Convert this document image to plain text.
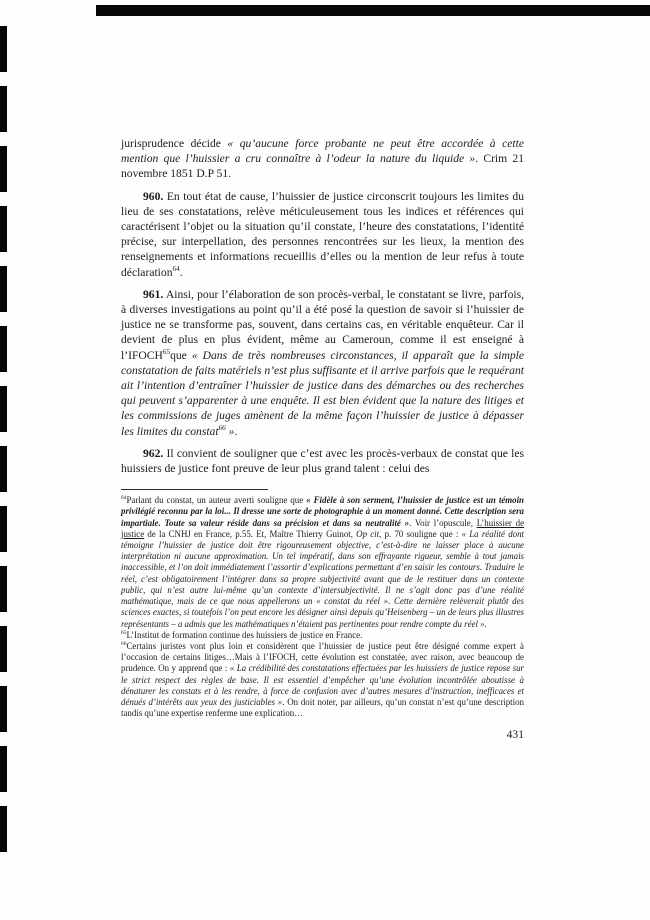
jurisprudence décide « qu’aucune force probante ne peut être accordée à cette mention que l’huissier a cru connaître à l’odeur la nature du liquide ». Crim 21 novembre 1851 D.P 51.

960. En tout état de cause, l’huissier de justice circonscrit toujours les limites du lieu de ses constatations, relève méticuleusement tous les indices et références qui caractérisent l’objet ou la situation qu’il constate, l’heure des constatations, l’identité précise, sur interpellation, des personnes rencontrées sur les lieux, la mention des renseignements et informations recueillis d’elles ou la mention de leur refus à toute déclaration$^{64}$.

961. Ainsi, pour l’élaboration de son procès-verbal, le constatant se livre, parfois, à diverses investigations au point qu’il a été posé la question de savoir si l’huissier de justice ne se transforme pas, souvent, dans certains cas, en véritable enquêteur. Car il devient de plus en plus évident, même au Cameroun, comme il est enseigné à l’IFOCH$^{65}$que « Dans de très nombreuses circonstances, il apparaît que la simple constatation de faits matériels n’est plus suffisante et il arrive parfois que le requérant ait l’intention d’entraîner l’huissier de justice dans des démarches ou des recherches qui peuvent s’apparenter à une enquête. Il est bien évident que la nature des litiges et les commissions de juges amènent de la même façon l’huissier de justice à dépasser les limites du constat$^{66}$ ».

962. Il convient de souligner que c’est avec les procès-verbaux de constat que les huissiers de justice font preuve de leur plus grand talent : celui des

$^{64}$Parlant du constat, un auteur averti souligne que « Fidèle à son serment, l’huissier de justice est un témoin privilégié reconnu par la loi... Il dresse une sorte de photographie à un moment donné. Cette description sera impartiale. Toute sa valeur réside dans sa précision et dans sa neutralité ». Voir l’opuscule, L’huissier de justice de la CNHJ en France, p.55. Et, Maître Thierry Guinot, Op cit, p. 70 souligne que : « La réalité dont témoigne l’huissier de justice doit être rigoureusement objective, c’est-à-dire ne laisser place à aucune interprétation ni aucune approximation. Un tel impératif, dans son effrayante rigueur, semble à tout jamais inaccessible, et l’on doit immédiatement l’assortir d’explications permettant d’en saisir les contours. Traduire le réel, c’est obligatoirement l’intégrer dans sa propre subjectivité avant que de le restituer dans un contexte public, qui n’est autre lui-même qu’un contexte d’intersubjectivité. Il ne s’agit donc pas d’une réalité mathématique, mais de ce que nous appellerons un « constat du réel ». Cette dernière relèverait plutôt des sciences exactes, si toutefois l’on peut encore les désigner ainsi depuis qu’Heisenberg – un de leurs plus illustres représentants – a admis que les mathématiques n’étaient pas pertinentes pour rendre compte du réel ».

$^{65}$L’Institut de formation continue des huissiers de justice en France.

$^{66}$Certains juristes vont plus loin et considèrent que l’huissier de justice peut être désigné comme expert à l’occasion de certains litiges…Mais à l’IFOCH, cette évolution est constatée, avec raison, avec beaucoup de prudence. On y apprend que : « La crédibilité des constatations effectuées par les huissiers de justice repose sur le strict respect des règles de base. Il est essentiel d’empêcher qu’une évolution incontrôlée aboutisse à dénaturer les constats et à les rendre, à force de confusion avec d’autres mesures d’instruction, inefficaces et dénués d’intérêts aux yeux des justiciables ». On doit noter, par ailleurs, qu’un constat n’est qu’une description tandis qu’une expertise renferme une explication…

431
